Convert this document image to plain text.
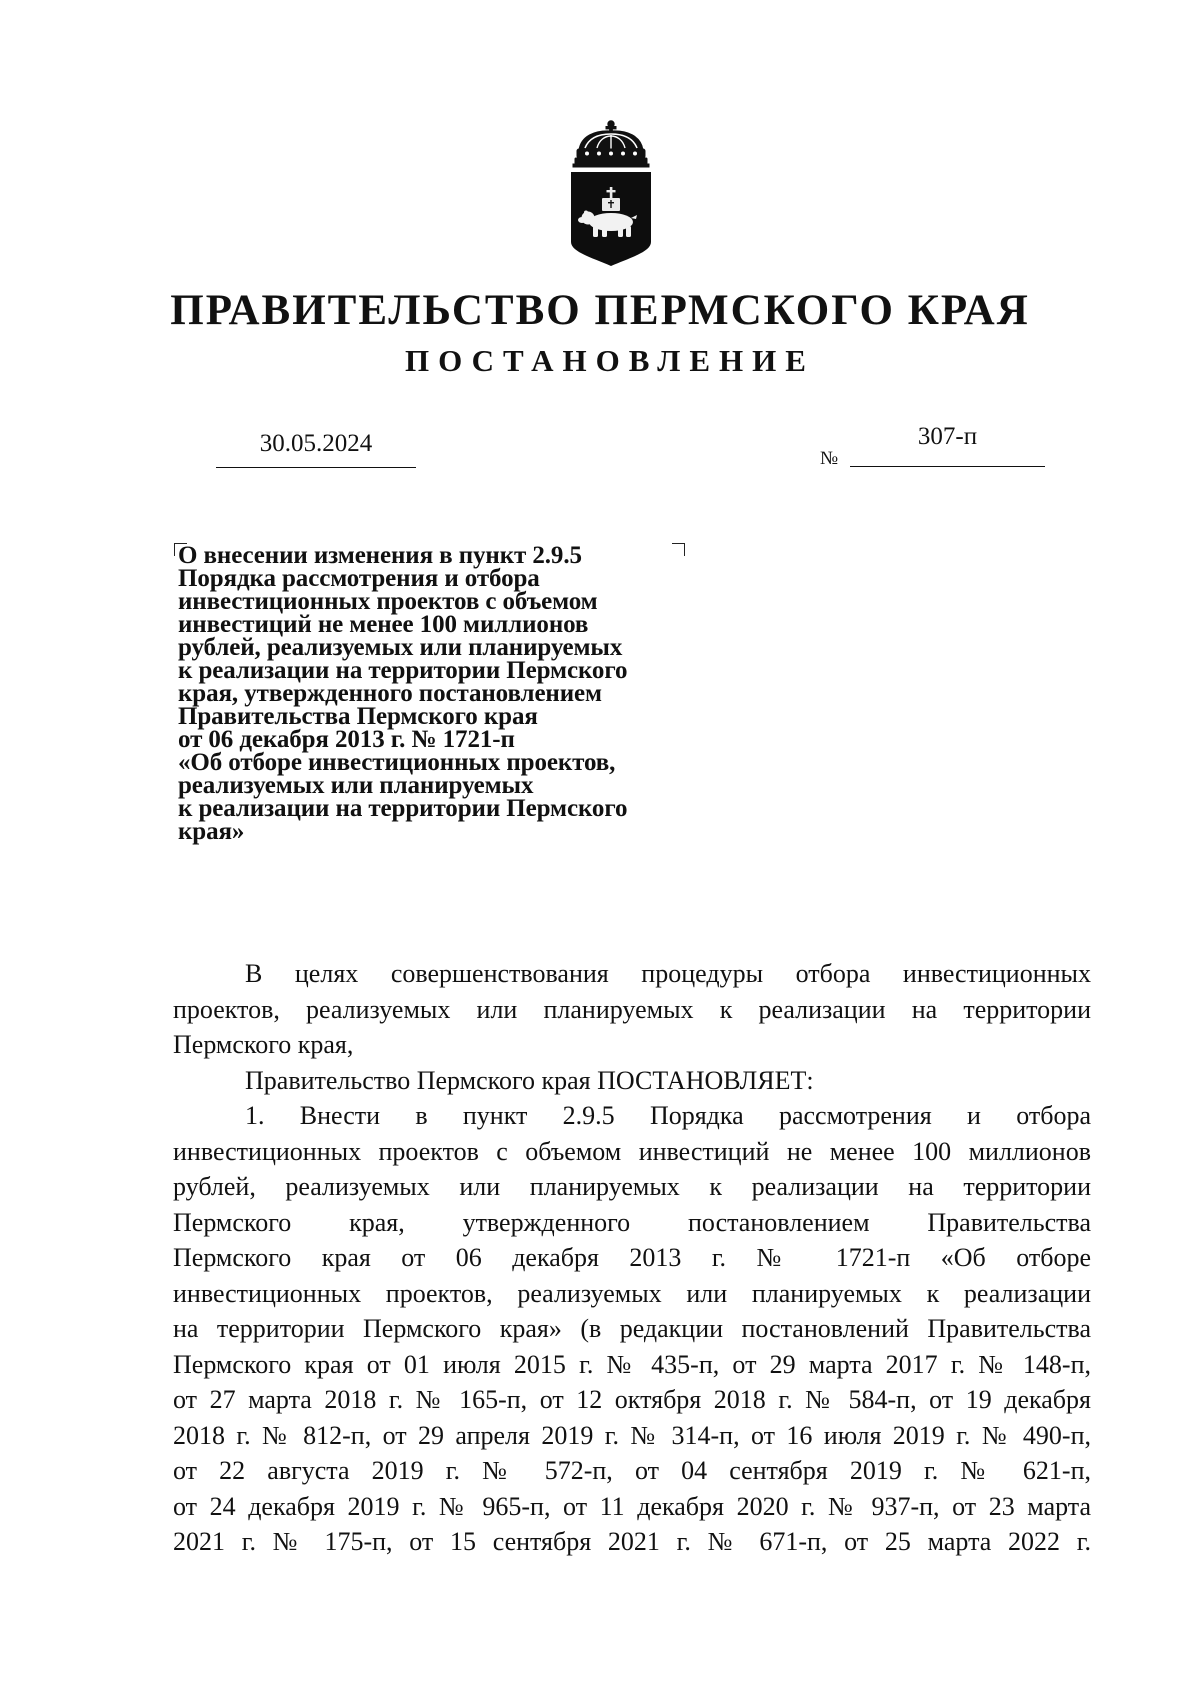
ПРАВИТЕЛЬСТВО ПЕРМСКОГО КРАЯ
ПОСТАНОВЛЕНИЕ
30.05.2024
№
307-п
О внесении изменения в пункт 2.9.5
Порядка рассмотрения и отбора
инвестиционных проектов с объемом
инвестиций не менее 100 миллионов
рублей, реализуемых или планируемых
к реализации на территории Пермского
края, утвержденного постановлением
Правительства Пермского края
от 06 декабря 2013 г. № 1721-п
«Об отборе инвестиционных проектов,
реализуемых или планируемых
к реализации на территории Пермского
края»

В целях совершенствования процедуры отбора инвестиционных
проектов, реализуемых или планируемых к реализации на территории
Пермского края,

Правительство Пермского края ПОСТАНОВЛЯЕТ:

1. Внести в пункт 2.9.5 Порядка рассмотрения и отбора
инвестиционных проектов с объемом инвестиций не менее 100 миллионов
рублей, реализуемых или планируемых к реализации на территории
Пермского края, утвержденного постановлением Правительства
Пермского края от 06 декабря 2013 г. № 1721-п «Об отборе
инвестиционных проектов, реализуемых или планируемых к реализации
на территории Пермского края» (в редакции постановлений Правительства
Пермского края от 01 июля 2015 г. № 435-п, от 29 марта 2017 г. № 148-п,
от 27 марта 2018 г. № 165-п, от 12 октября 2018 г. № 584-п, от 19 декабря
2018 г. № 812-п, от 29 апреля 2019 г. № 314-п, от 16 июля 2019 г. № 490-п,
от 22 августа 2019 г. № 572-п, от 04 сентября 2019 г. № 621-п,
от 24 декабря 2019 г. № 965-п, от 11 декабря 2020 г. № 937-п, от 23 марта
2021 г. № 175-п, от 15 сентября 2021 г. № 671-п, от 25 марта 2022 г.
